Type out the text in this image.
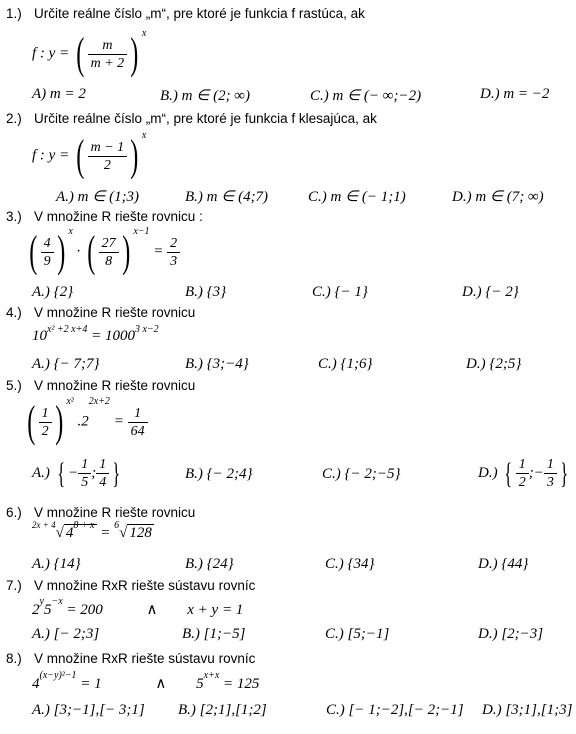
1.) Určite reálne číslo „m“, pre ktoré je funkcia f rastúca, ak
f : y = ( $\frac{m}{m + 2}$ ) x
A) m = 2	B.) m ∈ (2; ∞)	C.) m ∈ (− ∞;−2)	D.) m = −2
2.) Určite reálne číslo „m“, pre ktoré je funkcia f klesajúca, ak
f : y = ( $\frac{m - 1}{2}$ ) x
A.) m ∈ (1;3)	B.) m ∈ (4;7)	C.) m ∈ (− 1;1)	D.) m ∈ (7; ∞)
3.) V množine R riešte rovnicu :
( $\frac{4}{9}$ ) x · ( $\frac{27}{8}$ ) $x-1 = \frac{2}{3}$
A.) {2}	B.) {3}	C.) {− 1}	D.) {− 2}
4.) V množine R riešte rovnicu
10x² +2 x+4 = 10003 x−2
A.) {− 7;7}	B.) {3;−4}	C.) {1;6}	D.) {2;5}
5.) V množine R riešte rovnicu
( $\frac{1}{2}$ ) x² $.22x+2 = \frac{1}{64}$
A.) { − $\frac{1}{5}$ ; $\frac{1}{4}$ }	B.) {− 2;4}	C.) {− 2;−5}	D.) { $\frac{1}{2}$ ;− $\frac{1}{3}$ }
6.) V množine R riešte rovnicu
2x + 4√ 48 + x = 6√ 128
A.) {14}	B.) {24}	C.) {34}	D.) {44}
7.) V množine RxR riešte sústavu rovníc
2y5−x = 200	∧ x + y = 1
A.) [− 2;3]	B.) [1;−5]	C.) [5;−1]	D.) [2;−3]
8.) V množine RxR riešte sústavu rovníc
4(x−y)²−1 = 1	∧ 5x+x = 125
A.) [3;−1],[− 3;1] B.) [2;1],[1;2]	C.) [− 1;−2],[− 2;−1] D.) [3;1],[1;3]
